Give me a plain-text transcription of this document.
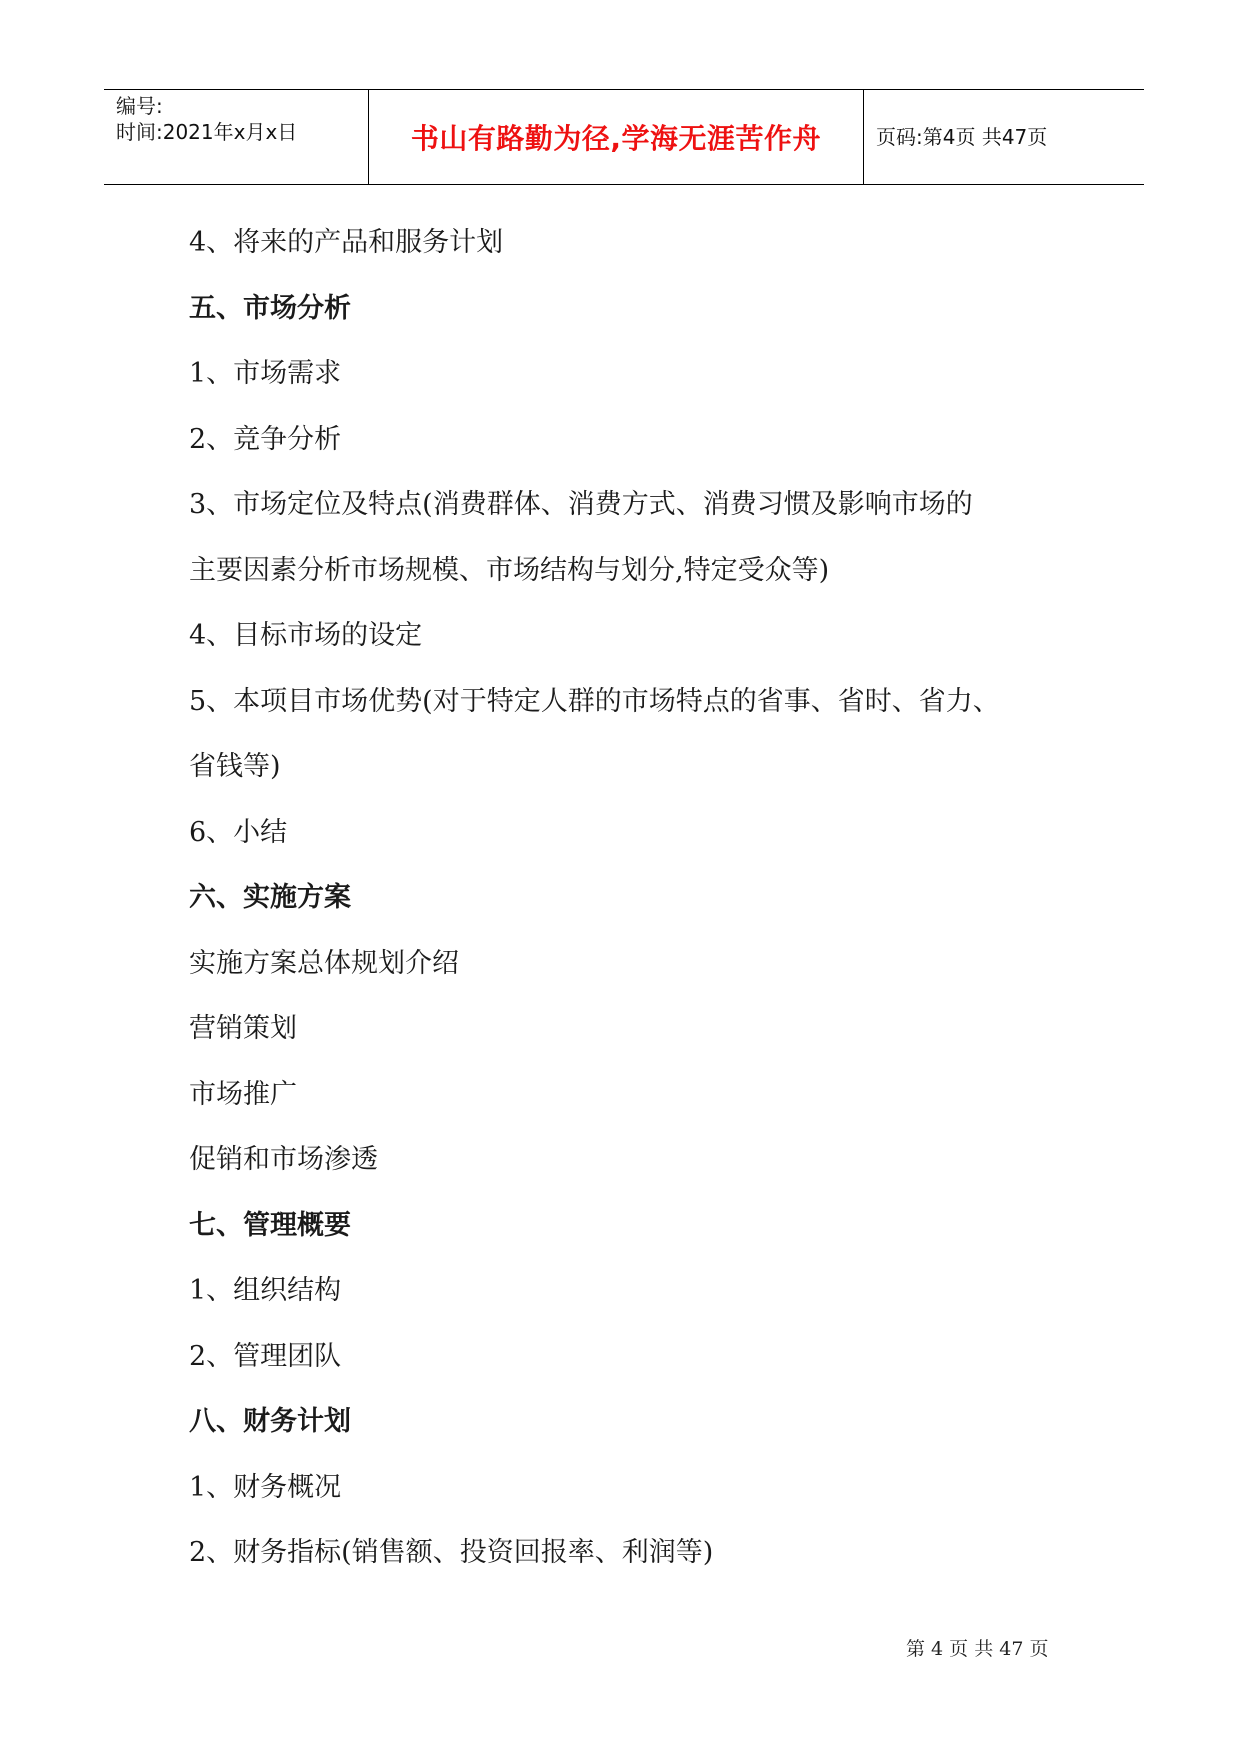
编号:
时间:2021年x月x日	书山有路勤为径,学海无涯苦作舟	页码:第4页 共47页
4、将来的产品和服务计划
五、市场分析
1、市场需求
2、竞争分析
3、市场定位及特点(消费群体、消费方式、消费习惯及影响市场的
主要因素分析市场规模、市场结构与划分,特定受众等)
4、目标市场的设定
5、本项目市场优势(对于特定人群的市场特点的省事、省时、省力、
省钱等)
6、小结
六、实施方案
实施方案总体规划介绍
营销策划
市场推广
促销和市场渗透
七、管理概要
1、组织结构
2、管理团队
八、财务计划
1、财务概况
2、财务指标(销售额、投资回报率、利润等)
第 4 页 共 47 页
